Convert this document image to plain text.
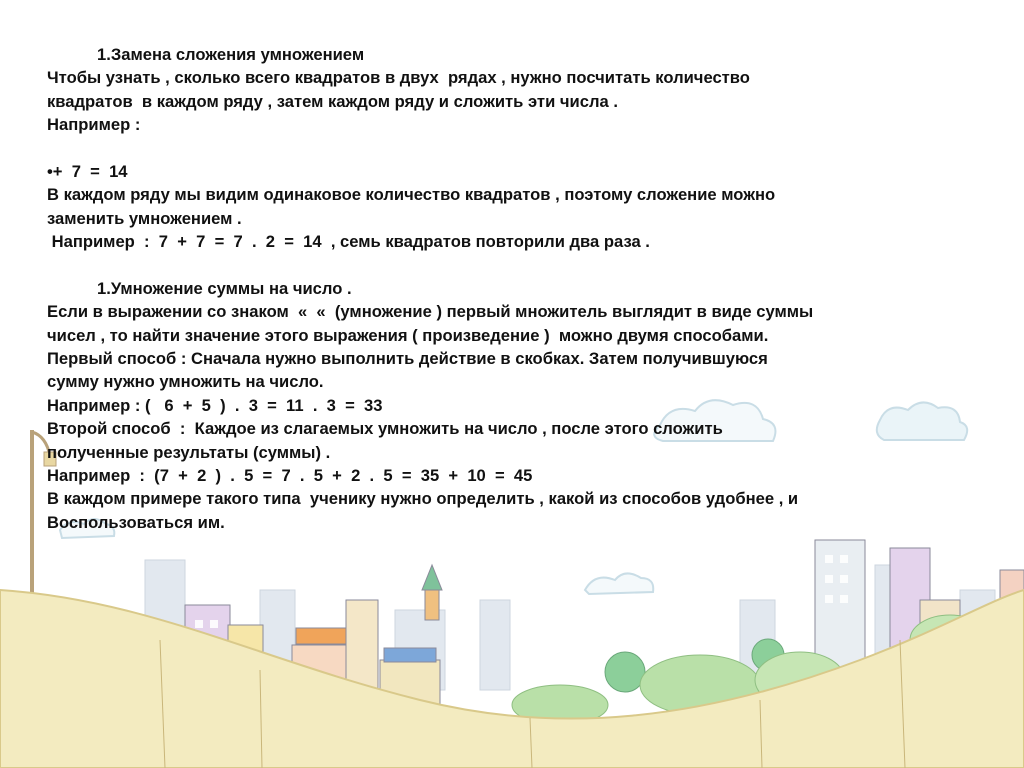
1.Замена сложения умножением
Чтобы узнать , сколько всего квадратов в двух  рядах , нужно посчитать количество
квадратов  в каждом ряду , затем каждом ряду и сложить эти числа .
Например :
•+  7  =  14
В каждом ряду мы видим одинаковое количество квадратов , поэтому сложение можно
заменить умножением .
Например  :  7  +  7  =  7  .  2  =  14  , семь квадратов повторили два раза .
1.Умножение суммы на число .
Если в выражении со знаком  «  «  (умножение ) первый множитель выглядит в виде суммы
чисел , то найти значение этого выражения ( произведение )  можно двумя способами.
Первый способ : Сначала нужно выполнить действие в скобках. Затем получившуюся
сумму нужно умножить на число.
Например : (   6  +  5  )  .  3  =  11  .  3  =  33
Второй способ  :  Каждое из слагаемых умножить на число , после этого сложить
полученные результаты (суммы) .
Например  :  (7  +  2  )  .  5  =  7  .  5  +  2  .  5  =  35  +  10  =  45
В каждом примере такого типа  ученику нужно определить , какой из способов удобнее , и
Воспользоваться им.
